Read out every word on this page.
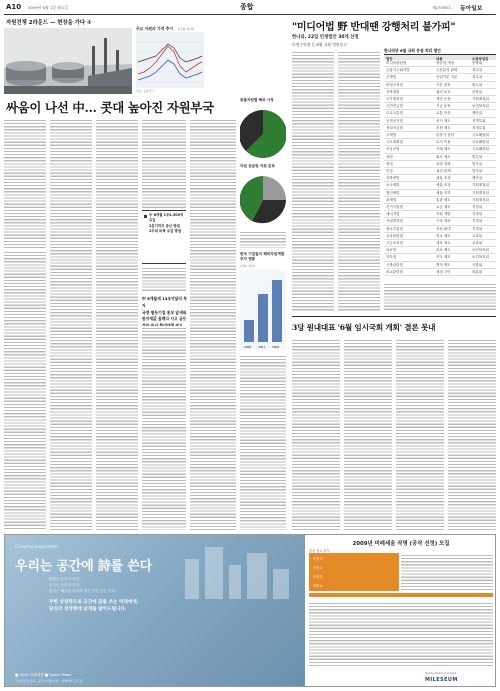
A10 2009년 6월 1일 월요일	종합	제27006호 동아일보
자원전쟁 2라운드 — 현장을 가다 ①
주요 자원의 가격 추이 (단위: 달러)
자료: 블룸버그
싸움이 나선 中… 콧대 높아진 자원부국
中 6개월 1조4,500억 유입
2분기까지 증산 방침
2조대 비축 유입 방침
中 6개월새 13조억달러 투자
국영·협동기업 통보 앞세워
원자재값 올해다 사고 금등

광물자원별 해외 시장
자원 공급원 자원 분포
한국 기업들의 해외자원개발 투자 현황
(단위: 달러)
2006 2007 2008
"미디어법 野 반대땐 강행처리 불가피"
한나라, 22일 민생법안 30개 선정
이명수의장 등 6월 국회 정원보고
한나라당 6월 국회 중점 처리 법안
법안	내용	소관상임위
미디어관련법	방송법 개정	문방위
금융지주회사법	금산분리 완화	정무위
은행법	산업자본 지분	정무위
비정규직법	기간 연장	환노위
저작권법	권리 보호	문방위
국가재정법	재정 운용	기획재정위
국민연금법	기금 운용	보건복지위
도로교통법	교통 안전	행안위
공직선거법	선거 제도	정개특위
정치자금법	후원 제도	정개특위
주택법	분양가 상한	국토해양위
국토계획법	토지 이용	국토해양위
부동산법	거래 제도	국토해양위
상법	회사 제도	법사위
형법	처벌 강화	법사위
민법	권리 관계	법사위
지방세법	세율 조정	행안위
소득세법	세율 조정	기획재정위
법인세법	세율 인하	기획재정위
관세법	통관 제도	기획재정위
전기사업법	요금 제도	지경위
에너지법	자원 개발	지경위
산업발전법	구조 개선	지경위
중소기업법	지원 확대	지경위
교육관련법	학교 제도	교과위
고등교육법	대학 제도	교과위
의료법	의료 제도	보건복지위
약사법	약국 제도	보건복지위
국방관련법	병역 제도	국방위
외교관련법	재외 국민	외통위
3당 원내대표 '6월 임시국회 개회' 결론 못내
Creative Inspiration
우리는 공간에 詩를 쓴다
밤꽃은 유년의 자동,
우주는 우리의 인간,
한지는 해상을 얻하게 찾은 공간 얻는 가치.
무한 상상력으로 공간에 글를 쓰는 미래에셋,
당신의 상상력에 날개를 달아드립니다.
■ 2009 미래에셋 ■ Space Poem
부동산공간가치 · 공간가치합니다 · 미래에셋 공모전
2009년 미래세움 작명 (공작 선정) 모집
관련 참고 분야
지정 1
지정 2
지정 3
지정 4
Space Poem Contest
MILESEUM
